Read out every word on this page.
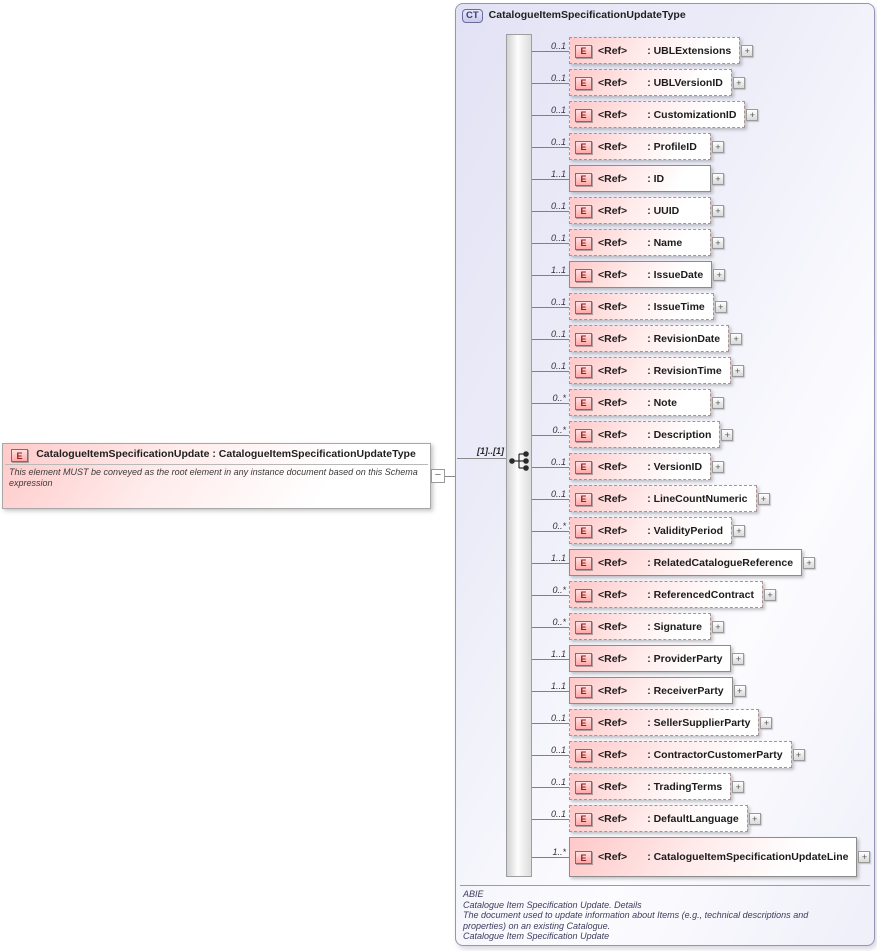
E	CatalogueItemSpecificationUpdate : CatalogueItemSpecificationUpdateType
This element MUST be conveyed as the root element in any instance document based on this Schema expression
−
CT CatalogueItemSpecificationUpdateType
[1]..[1]
0..1
E	<Ref> : UBLExtensions	+
0..1
E	<Ref> : UBLVersionID	+
0..1
E	<Ref> : CustomizationID	+
0..1
E	<Ref> : ProfileID	+
1..1
E	<Ref> : ID	+
0..1
E	<Ref> : UUID	+
0..1
E	<Ref> : Name	+
1..1
E	<Ref> : IssueDate	+
0..1
E	<Ref> : IssueTime	+
0..1
E	<Ref> : RevisionDate	+
0..1
E	<Ref> : RevisionTime	+
0..*
E	<Ref> : Note	+
0..*
E	<Ref> : Description	+
0..1
E	<Ref> : VersionID	+
0..1
E	<Ref> : LineCountNumeric	+
0..*
E	<Ref> : ValidityPeriod	+
1..1
E	<Ref> : RelatedCatalogueReference	+
0..*
E	<Ref> : ReferencedContract	+
0..*
E	<Ref> : Signature	+
1..1
E	<Ref> : ProviderParty	+
1..1
E	<Ref> : ReceiverParty	+
0..1
E	<Ref> : SellerSupplierParty	+
0..1
E	<Ref> : ContractorCustomerParty	+
0..1
E	<Ref> : TradingTerms	+
0..1
E	<Ref> : DefaultLanguage	+
1..*
E	<Ref> : CatalogueItemSpecificationUpdateLine	+
ABIE
Catalogue Item Specification Update. Details
The document used to update information about Items (e.g., technical descriptions and properties) on an existing Catalogue.
Catalogue Item Specification Update
